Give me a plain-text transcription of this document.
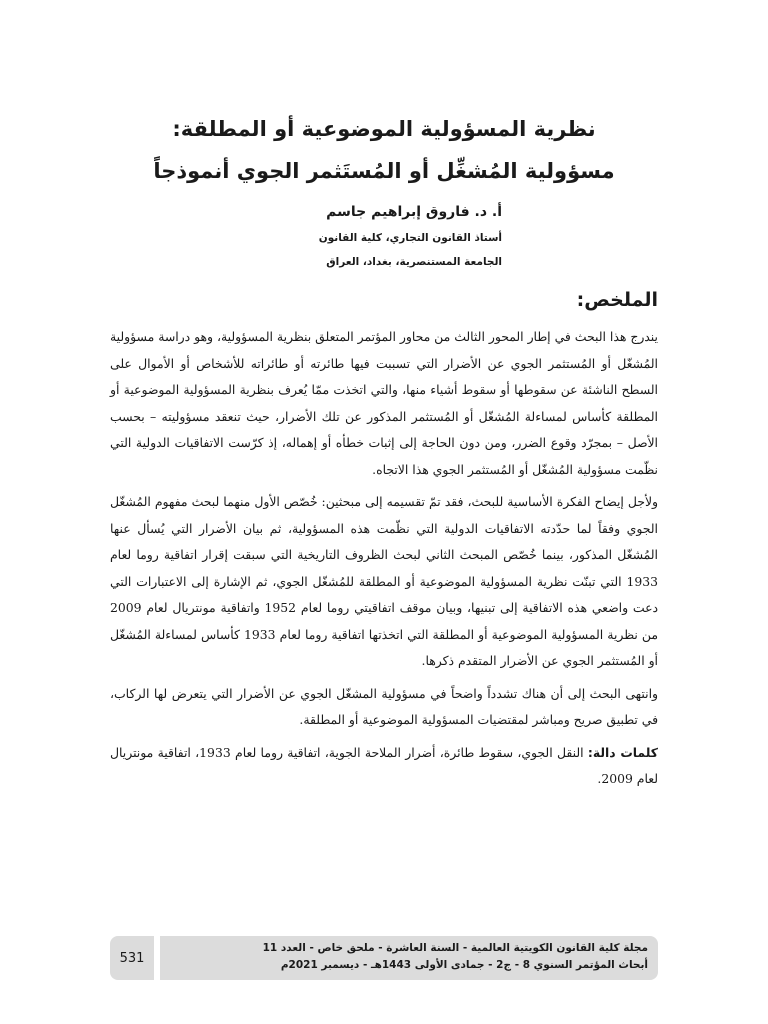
نظرية المسؤولية الموضوعية أو المطلقة:
مسؤولية المُشغِّل أو المُستَثمر الجوي أنموذجاً
أ. د. فاروق إبراهيم جاسم
أستاذ القانون التجاري، كلية القانون
الجامعة المستنصرية، بغداد، العراق
الملخص:

يندرج هذا البحث في إطار المحور الثالث من محاور المؤتمر المتعلق بنظرية المسؤولية، وهو دراسة مسؤولية المُشغّل أو المُستثمر الجوي عن الأضرار التي تسببت فيها طائرته أو طائراته للأشخاص أو الأموال على السطح الناشئة عن سقوطها أو سقوط أشياء منها، والتي اتخذت ممّا يُعرف بنظرية المسؤولية الموضوعية أو المطلقة كأساس لمساءلة المُشغّل أو المُستثمر المذكور عن تلك الأضرار، حيث تنعقد مسؤوليته – بحسب الأصل – بمجرّد وقوع الضرر، ومن دون الحاجة إلى إثبات خطأه أو إهماله، إذ كرّست الاتفاقيات الدولية التي نظّمت مسؤولية المُشغّل أو المُستثمر الجوي هذا الاتجاه.

ولأجل إيضاح الفكرة الأساسية للبحث، فقد تمّ تقسيمه إلى مبحثين: خُصّص الأول منهما لبحث مفهوم المُشغّل الجوي وفقاً لما حدّدته الاتفاقيات الدولية التي نظّمت هذه المسؤولية، ثم بيان الأضرار التي يُسأل عنها المُشغّل المذكور، بينما خُصّص المبحث الثاني لبحث الظروف التاريخية التي سبقت إقرار اتفاقية روما لعام 1933 التي تبنّت نظرية المسؤولية الموضوعية أو المطلقة للمُشغّل الجوي، ثم الإشارة إلى الاعتبارات التي دعت واضعي هذه الاتفاقية إلى تبنيها، وبيان موقف اتفاقيتي روما لعام 1952 واتفاقية مونتريال لعام 2009 من نظرية المسؤولية الموضوعية أو المطلقة التي اتخذتها اتفاقية روما لعام 1933 كأساس لمساءلة المُشغّل أو المُستثمر الجوي عن الأضرار المتقدم ذكرها.

وانتهى البحث إلى أن هناك تشدداً واضحاً في مسؤولية المشغّل الجوي عن الأضرار التي يتعرض لها الركاب، في تطبيق صريح ومباشر لمقتضيات المسؤولية الموضوعية أو المطلقة.

كلمات دالة: النقل الجوي، سقوط طائرة، أضرار الملاحة الجوية، اتفاقية روما لعام 1933، اتفاقية مونتريال لعام 2009.

مجلة كلية القانون الكويتية العالمية - السنة العاشرة - ملحق خاص - العدد 11
أبحاث المؤتمر السنوي 8 - ج2 - جمادى الأولى 1443هـ - ديسمبر 2021م
531
